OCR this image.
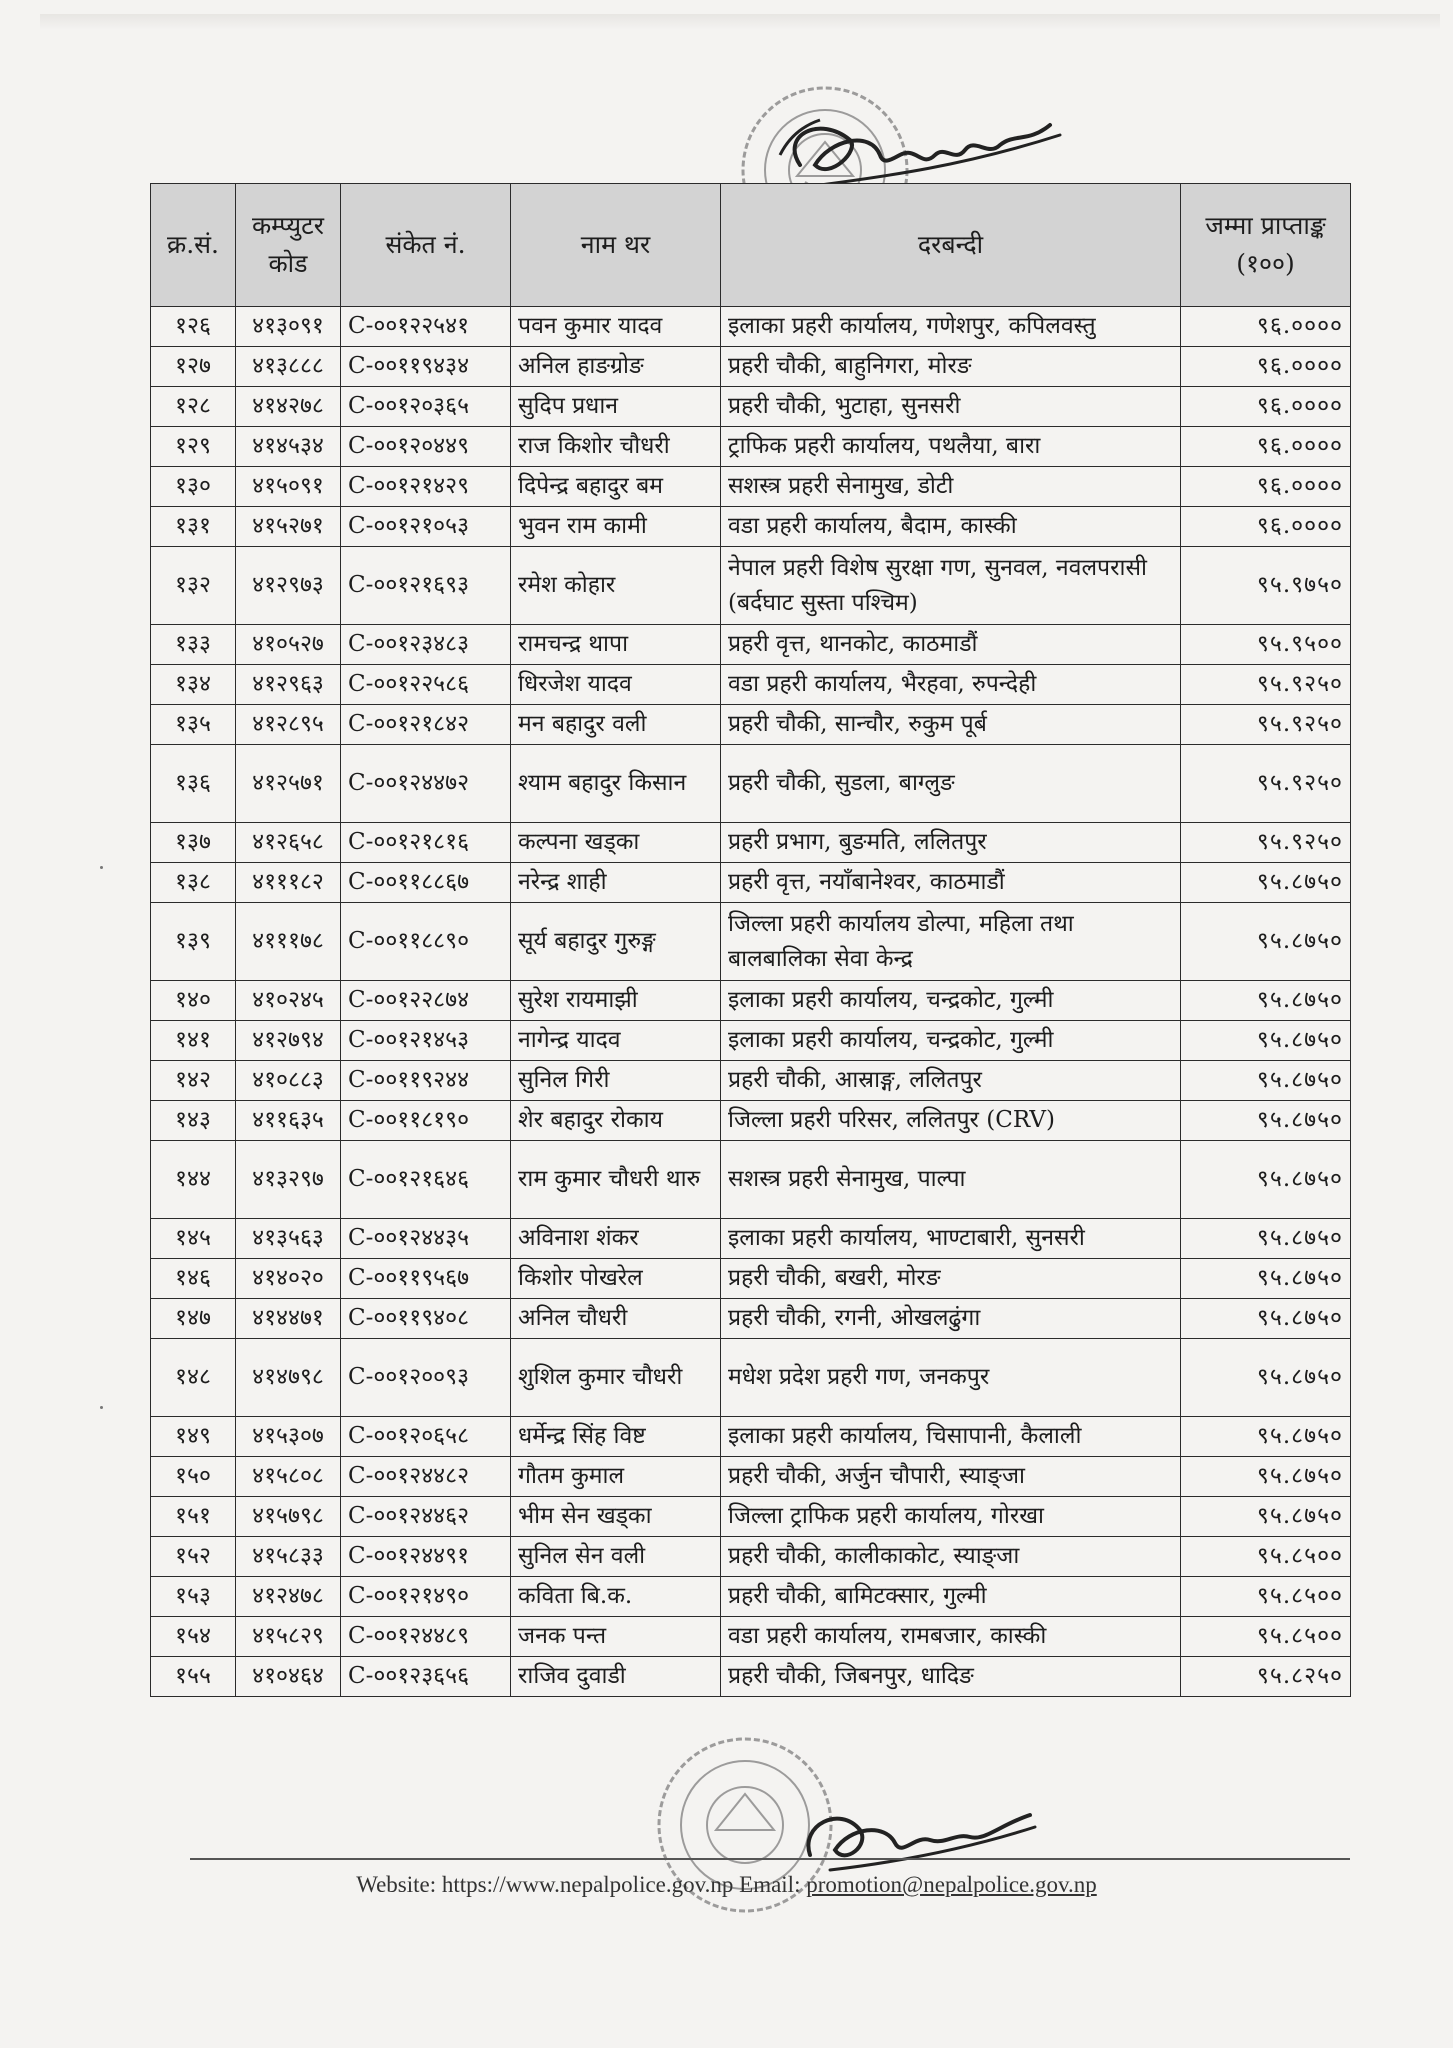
क्र.सं.	कम्प्युटर कोड	संकेत नं.	नाम थर	दरबन्दी	जम्मा प्राप्ताङ्क (१००)
१२६	४१३०९१	C-००१२२५४१	पवन कुमार यादव	इलाका प्रहरी कार्यालय, गणेशपुर, कपिलवस्तु	९६.००००
१२७	४१३८८८	C-००११९४३४	अनिल हाङग्रोङ	प्रहरी चौकी, बाहुनिगरा, मोरङ	९६.००००
१२८	४१४२७८	C-००१२०३६५	सुदिप प्रधान	प्रहरी चौकी, भुटाहा, सुनसरी	९६.००००
१२९	४१४५३४	C-००१२०४४९	राज किशोर चौधरी	ट्राफिक प्रहरी कार्यालय, पथलैया, बारा	९६.००००
१३०	४१५०९१	C-००१२१४२९	दिपेन्द्र बहादुर बम	सशस्त्र प्रहरी सेनामुख, डोटी	९६.००००
१३१	४१५२७१	C-००१२१०५३	भुवन राम कामी	वडा प्रहरी कार्यालय, बैदाम, कास्की	९६.००००
१३२	४१२९७३	C-००१२१६९३	रमेश कोहार	नेपाल प्रहरी विशेष सुरक्षा गण, सुनवल, नवलपरासी (बर्दघाट सुस्ता पश्चिम)	९५.९७५०
१३३	४१०५२७	C-००१२३४८३	रामचन्द्र थापा	प्रहरी वृत्त, थानकोट, काठमाडौं	९५.९५००
१३४	४१२९६३	C-००१२२५८६	धिरजेश यादव	वडा प्रहरी कार्यालय, भैरहवा, रुपन्देही	९५.९२५०
१३५	४१२८९५	C-००१२१८४२	मन बहादुर वली	प्रहरी चौकी, सान्चौर, रुकुम पूर्ब	९५.९२५०
१३६	४१२५७१	C-००१२४४७२	श्याम बहादुर किसान	प्रहरी चौकी, सुडला, बाग्लुङ	९५.९२५०
१३७	४१२६५८	C-००१२१८१६	कल्पना खड्का	प्रहरी प्रभाग, बुङमति, ललितपुर	९५.९२५०
१३८	४१११८२	C-००११८८६७	नरेन्द्र शाही	प्रहरी वृत्त, नयाँबानेश्वर, काठमाडौं	९५.८७५०
१३९	४१११७८	C-००११८८९०	सूर्य बहादुर गुरुङ्ग	जिल्ला प्रहरी कार्यालय डोल्पा, महिला तथा बालबालिका सेवा केन्द्र	९५.८७५०
१४०	४१०२४५	C-००१२२८७४	सुरेश रायमाझी	इलाका प्रहरी कार्यालय, चन्द्रकोट, गुल्मी	९५.८७५०
१४१	४१२७९४	C-००१२१४५३	नागेन्द्र यादव	इलाका प्रहरी कार्यालय, चन्द्रकोट, गुल्मी	९५.८७५०
१४२	४१०८८३	C-००११९२४४	सुनिल गिरी	प्रहरी चौकी, आस्राङ्ग, ललितपुर	९५.८७५०
१४३	४११६३५	C-००११८१९०	शेर बहादुर रोकाय	जिल्ला प्रहरी परिसर, ललितपुर (CRV)	९५.८७५०
१४४	४१३२९७	C-००१२१६४६	राम कुमार चौधरी थारु	सशस्त्र प्रहरी सेनामुख, पाल्पा	९५.८७५०
१४५	४१३५६३	C-००१२४४३५	अविनाश शंकर	इलाका प्रहरी कार्यालय, भाण्टाबारी, सुनसरी	९५.८७५०
१४६	४१४०२०	C-००११९५६७	किशोर पोखरेल	प्रहरी चौकी, बखरी, मोरङ	९५.८७५०
१४७	४१४४७१	C-००११९४०८	अनिल चौधरी	प्रहरी चौकी, रगनी, ओखलढुंगा	९५.८७५०
१४८	४१४७९८	C-००१२००९३	शुशिल कुमार चौधरी	मधेश प्रदेश प्रहरी गण, जनकपुर	९५.८७५०
१४९	४१५३०७	C-००१२०६५८	धर्मेन्द्र सिंह विष्ट	इलाका प्रहरी कार्यालय, चिसापानी, कैलाली	९५.८७५०
१५०	४१५८०८	C-००१२४४८२	गौतम कुमाल	प्रहरी चौकी, अर्जुन चौपारी, स्याङ्जा	९५.८७५०
१५१	४१५७९८	C-००१२४४६२	भीम सेन खड्का	जिल्ला ट्राफिक प्रहरी कार्यालय, गोरखा	९५.८७५०
१५२	४१५८३३	C-००१२४४९१	सुनिल सेन वली	प्रहरी चौकी, कालीकाकोट, स्याङ्जा	९५.८५००
१५३	४१२४७८	C-००१२१४९०	कविता बि.क.	प्रहरी चौकी, बामिटक्सार, गुल्मी	९५.८५००
१५४	४१५८२९	C-००१२४४८९	जनक पन्त	वडा प्रहरी कार्यालय, रामबजार, कास्की	९५.८५००
१५५	४१०४६४	C-००१२३६५६	राजिव दुवाडी	प्रहरी चौकी, जिबनपुर, धादिङ	९५.८२५०
Website: https://www.nepalpolice.gov.np Email: promotion@nepalpolice.gov.np
